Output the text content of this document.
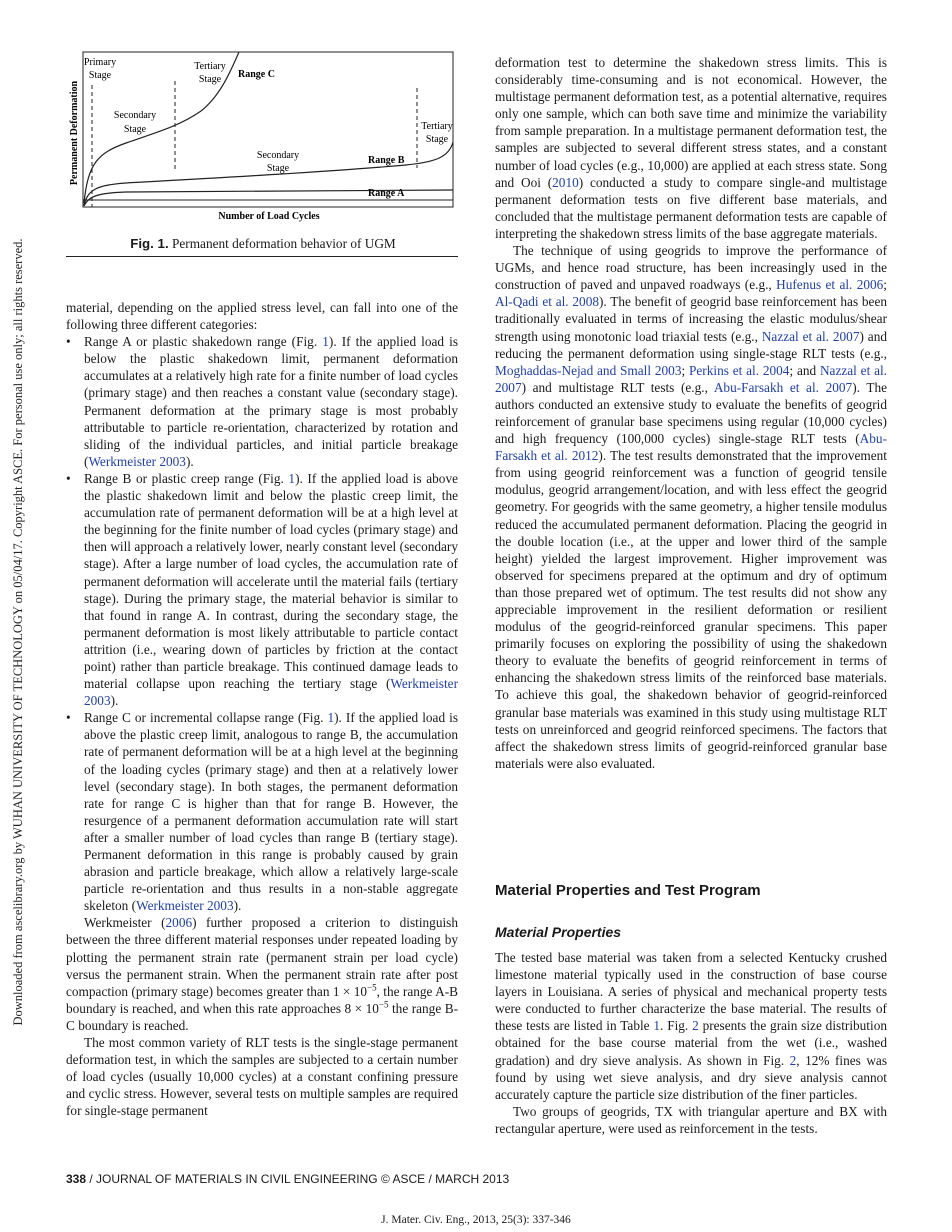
Downloaded from ascelibrary.org by WUHAN UNIVERSITY OF TECHNOLOGY on 05/04/17. Copyright ASCE. For personal use only; all rights reserved.
Permanent Deformation
Primary
Stage
Tertiary
Stage Range C
Secondary
Stage
Secondary
Stage
Range B
Tertiary
Stage
Range A
Number of Load Cycles
Fig. 1. Permanent deformation behavior of UGM

material, depending on the applied stress level, can fall into one of the following three different categories:

• Range A or plastic shakedown range (Fig. 1). If the applied load is below the plastic shakedown limit, permanent deformation accumulates at a relatively high rate for a finite number of load cycles (primary stage) and then reaches a constant value (secondary stage). Permanent deformation at the primary stage is most probably attributable to particle re-orientation, characterized by rotation and sliding of the individual particles, and initial particle breakage (Werkmeister 2003).
• Range B or plastic creep range (Fig. 1). If the applied load is above the plastic shakedown limit and below the plastic creep limit, the accumulation rate of permanent deformation will be at a high level at the beginning for the finite number of load cycles (primary stage) and then will approach a relatively lower, nearly constant level (secondary stage). After a large number of load cycles, the accumulation rate of permanent deformation will accelerate until the material fails (tertiary stage). During the primary stage, the material behavior is similar to that found in range A. In contrast, during the secondary stage, the permanent deformation is most likely attributable to particle contact attrition (i.e., wearing down of particles by friction at the contact point) rather than particle breakage. This continued damage leads to material collapse upon reaching the tertiary stage (Werkmeister 2003).
• Range C or incremental collapse range (Fig. 1). If the applied load is above the plastic creep limit, analogous to range B, the accumulation rate of permanent deformation will be at a high level at the beginning of the loading cycles (primary stage) and then at a relatively lower level (secondary stage). In both stages, the permanent deformation rate for range C is higher than that for range B. However, the resurgence of a permanent deformation accumulation rate will start after a smaller number of load cycles than range B (tertiary stage). Permanent deformation in this range is probably caused by grain abrasion and particle breakage, which allow a relatively large-scale particle re-orientation and thus results in a non-stable aggregate skeleton (Werkmeister 2003).

Werkmeister (2006) further proposed a criterion to distinguish between the three different material responses under repeated loading by plotting the permanent strain rate (permanent strain per load cycle) versus the permanent strain. When the permanent strain rate after post compaction (primary stage) becomes greater than $1 \times 10^{-5}$, the range A-B boundary is reached, and when this rate approaches $8 \times 10^{-5}$ the range B-C boundary is reached.

The most common variety of RLT tests is the single-stage permanent deformation test, in which the samples are subjected to a certain number of load cycles (usually 10,000 cycles) at a constant confining pressure and cyclic stress. However, several tests on multiple samples are required for single-stage permanent

deformation test to determine the shakedown stress limits. This is considerably time-consuming and is not economical. However, the multistage permanent deformation test, as a potential alternative, requires only one sample, which can both save time and minimize the variability from sample preparation. In a multistage permanent deformation test, the samples are subjected to several different stress states, and a constant number of load cycles (e.g., 10,000) are applied at each stress state. Song and Ooi (2010) conducted a study to compare single-and multistage permanent deformation tests on five different base materials, and concluded that the multistage permanent deformation tests are capable of interpreting the shakedown stress limits of the base aggregate materials.

The technique of using geogrids to improve the performance of UGMs, and hence road structure, has been increasingly used in the construction of paved and unpaved roadways (e.g., Hufenus et al. 2006; Al-Qadi et al. 2008). The benefit of geogrid base reinforcement has been traditionally evaluated in terms of increasing the elastic modulus/shear strength using monotonic load triaxial tests (e.g., Nazzal et al. 2007) and reducing the permanent deformation using single-stage RLT tests (e.g., Moghaddas-Nejad and Small 2003; Perkins et al. 2004; and Nazzal et al. 2007) and multistage RLT tests (e.g., Abu-Farsakh et al. 2007). The authors conducted an extensive study to evaluate the benefits of geogrid reinforcement of granular base specimens using regular (10,000 cycles) and high frequency (100,000 cycles) single-stage RLT tests (Abu-Farsakh et al. 2012). The test results demonstrated that the improvement from using geogrid reinforcement was a function of geogrid tensile modulus, geogrid arrangement/location, and with less effect the geogrid geometry. For geogrids with the same geometry, a higher tensile modulus reduced the accumulated permanent deformation. Placing the geogrid in the double location (i.e., at the upper and lower third of the sample height) yielded the largest improvement. Higher improvement was observed for specimens prepared at the optimum and dry of optimum than those prepared wet of optimum. The test results did not show any appreciable improvement in the resilient deformation or resilient modulus of the geogrid-reinforced granular specimens. This paper primarily focuses on exploring the possibility of using the shakedown theory to evaluate the benefits of geogrid reinforcement in terms of enhancing the shakedown stress limits of the reinforced base materials. To achieve this goal, the shakedown behavior of geogrid-reinforced granular base materials was examined in this study using multistage RLT tests on unreinforced and geogrid reinforced specimens. The factors that affect the shakedown stress limits of geogrid-reinforced granular base materials were also evaluated.

Material Properties and Test Program
Material Properties

The tested base material was taken from a selected Kentucky crushed limestone material typically used in the construction of base course layers in Louisiana. A series of physical and mechanical property tests were conducted to further characterize the base material. The results of these tests are listed in Table 1. Fig. 2 presents the grain size distribution obtained for the base course material from the wet (i.e., washed gradation) and dry sieve analysis. As shown in Fig. 2, 12% fines was found by using wet sieve analysis, and dry sieve analysis cannot accurately capture the particle size distribution of the finer particles.

Two groups of geogrids, TX with triangular aperture and BX with rectangular aperture, were used as reinforcement in the tests.

338 / JOURNAL OF MATERIALS IN CIVIL ENGINEERING © ASCE / MARCH 2013
J. Mater. Civ. Eng., 2013, 25(3): 337-346
